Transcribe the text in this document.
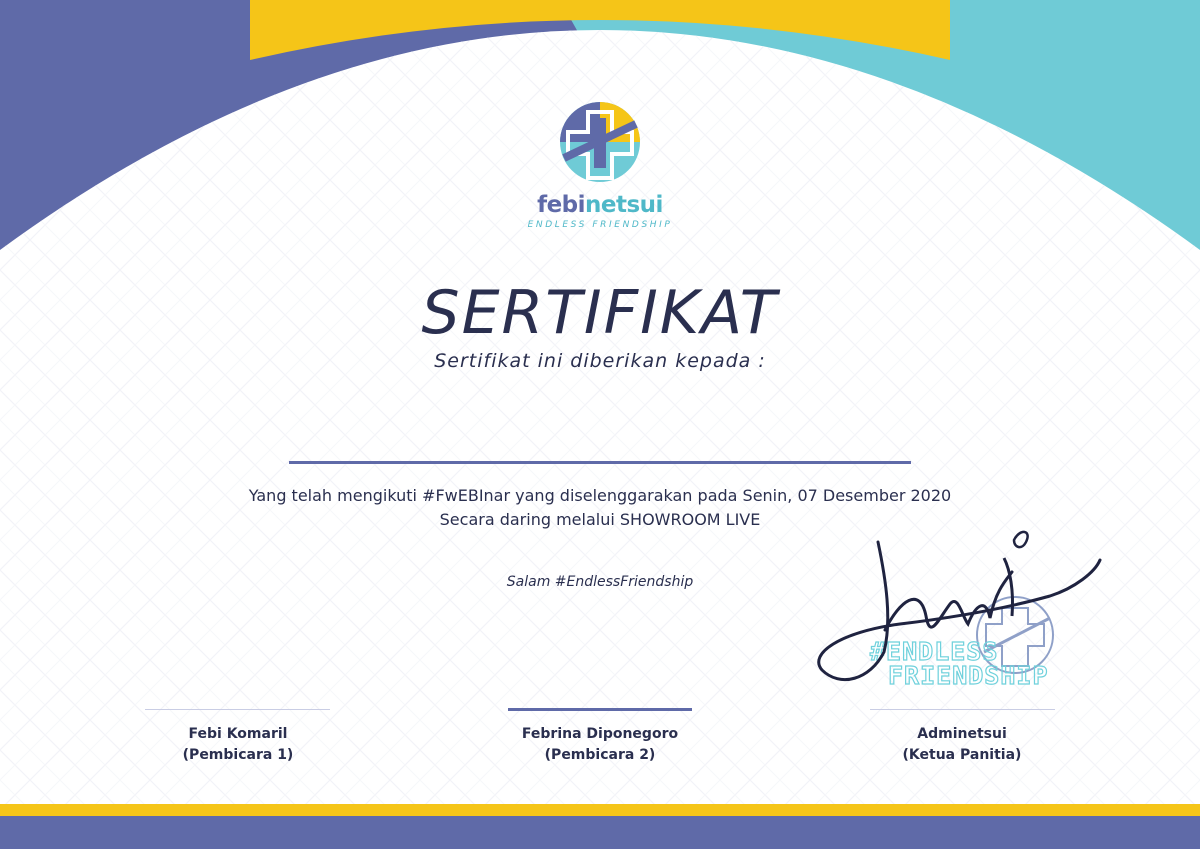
febinetsui
ENDLESS FRIENDSHIP
SERTIFIKAT
Sertifikat ini diberikan kepada :
Yang telah mengikuti #FwEBInar yang diselenggarakan pada Senin, 07 Desember 2020
Secara daring melalui SHOWROOM LIVE
Salam #EndlessFriendship
#ENDLESS
FRIENDSHIP
Febi Komaril
(Pembicara 1)
Febrina Diponegoro
(Pembicara 2)
Adminetsui
(Ketua Panitia)
